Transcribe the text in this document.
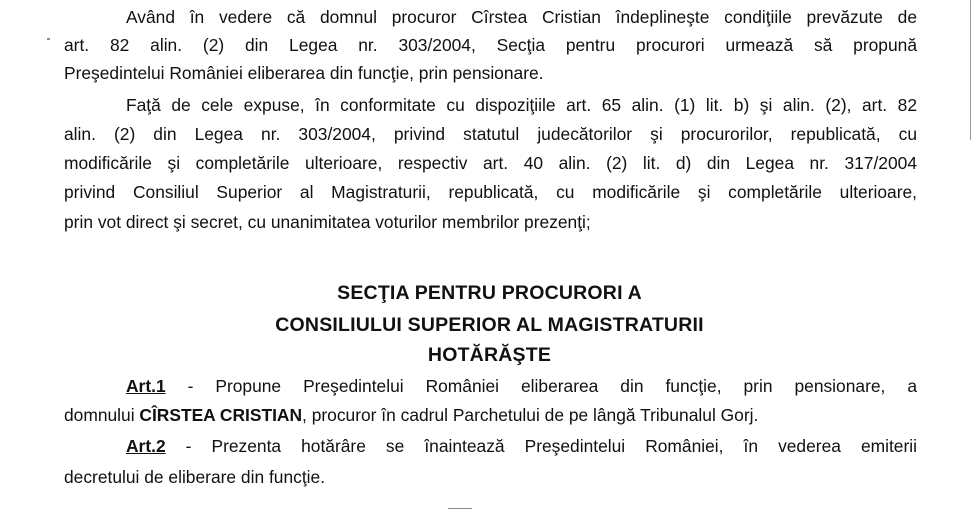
Având în vedere că domnul procuror Cîrstea Cristian îndeplineşte condiţiile prevăzute de
art. 82 alin. (2) din Legea nr. 303/2004, Secţia pentru procurori urmează să propună
Preşedintelui României eliberarea din funcţie, prin pensionare.
Faţă de cele expuse, în conformitate cu dispoziţiile art. 65 alin. (1) lit. b) şi alin. (2), art. 82
alin. (2) din Legea nr. 303/2004, privind statutul judecătorilor şi procurorilor, republicată, cu
modificările şi completările ulterioare, respectiv art. 40 alin. (2) lit. d) din Legea nr. 317/2004
privind Consiliul Superior al Magistraturii, republicată, cu modificările şi completările ulterioare,
prin vot direct şi secret, cu unanimitatea voturilor membrilor prezenţi;
SECŢIA PENTRU PROCURORI A
CONSILIULUI SUPERIOR AL MAGISTRATURII
HOTĂRĂŞTE
Art.1 - Propune Preşedintelui României eliberarea din funcţie, prin pensionare, a
domnului CÎRSTEA CRISTIAN, procuror în cadrul Parchetului de pe lângă Tribunalul Gorj.
Art.2 - Prezenta hotărâre se înaintează Preşedintelui României, în vederea emiterii
decretului de eliberare din funcţie.
